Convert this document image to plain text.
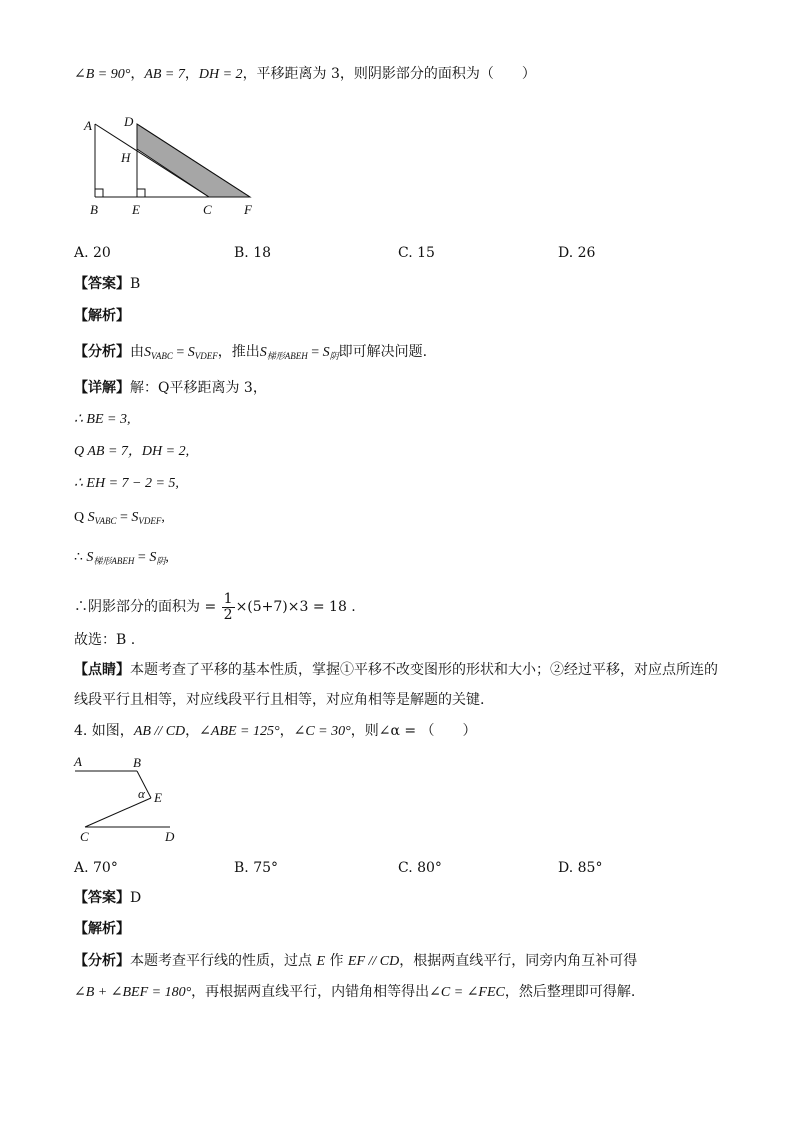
∠B = 90°，AB = 7，DH = 2，平移距离为 3，则阴影部分的面积为（　　）
A D
H
B	E	C F
A. 20	B. 18	C. 15	D. 26
【答案】B
【解析】
【分析】由$S_{VABC} = S_{VDEF}$，推出$S_{梯形ABEH} = S_阴$即可解决问题.
【详解】解：Q平移距离为 3，
∴ BE = 3,
Q AB = 7，DH = 2,
∴ EH = 7 − 2 = 5,
Q $S_{VABC} = S_{VDEF}$,
∴ $S_{梯形ABEH} = S_阴$,
∴阴影部分的面积为 = $\frac{1}{2} \times(5+7)\times 3 = 18$ .
故选：B .
【点睛】本题考查了平移的基本性质，掌握①平移不改变图形的形状和大小；②经过平移，对应点所连的
线段平行且相等，对应线段平行且相等，对应角相等是解题的关键.
4. 如图，AB // CD，∠ABE = 125°，∠C = 30°，则∠α = （　　）
A	B
E
α
C	D
A. 70°	B. 75°	C. 80°	D. 85°
【答案】D
【解析】
【分析】本题考查平行线的性质，过点 E 作 EF // CD，根据两直线平行，同旁内角互补可得
∠B + ∠BEF = 180°，再根据两直线平行，内错角相等得出∠C = ∠FEC，然后整理即可得解.
